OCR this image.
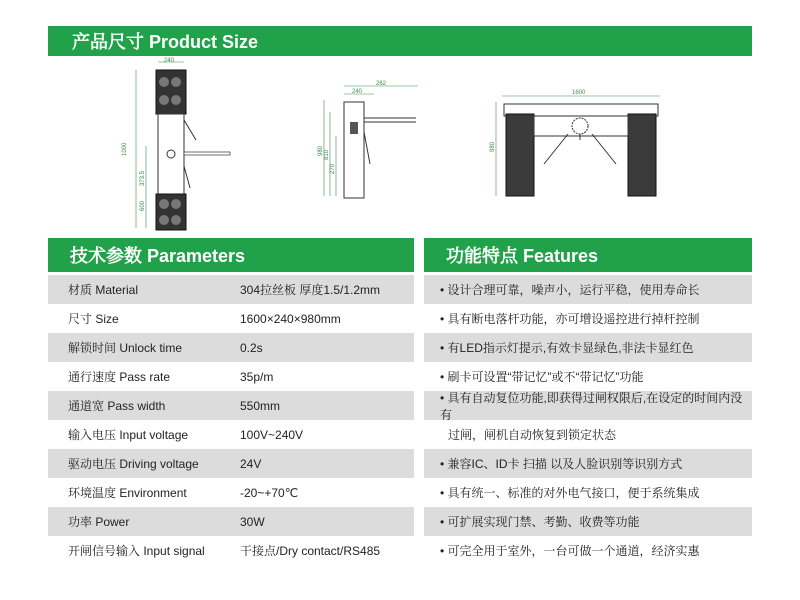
产品尺寸 Product Size
240
1000
373.5
600
262
240
980 810
270
1600
980
技术参数 Parameters	功能特点 Features
材质 Material	304拉丝板 厚度1.5/1.2mm
尺寸 Size	1600×240×980mm
解锁时间 Unlock time	0.2s
通行速度 Pass rate	35p/m
通道宽 Pass width	550mm
输入电压 Input voltage	100V~240V
驱动电压 Driving voltage	24V
环境温度 Environment	-20~+70℃
功率 Power	30W
开闸信号输入 Input signal	干接点/Dry contact/RS485
• 设计合理可靠，噪声小，运行平稳，使用寿命长
• 具有断电落杆功能，亦可增设遥控进行掉杆控制
• 有LED指示灯提示,有效卡显绿色,非法卡显红色
• 刷卡可设置“带记忆”或不“带记忆”功能
• 具有自动复位功能,即获得过闸权限后,在设定的时间内没有
过闸，闸机自动恢复到锁定状态
• 兼容IC、ID卡 扫描 以及人脸识别等识别方式
• 具有统一、标准的对外电气接口，便于系统集成
• 可扩展实现门禁、考勤、收费等功能
• 可完全用于室外，一台可做一个通道，经济实惠
